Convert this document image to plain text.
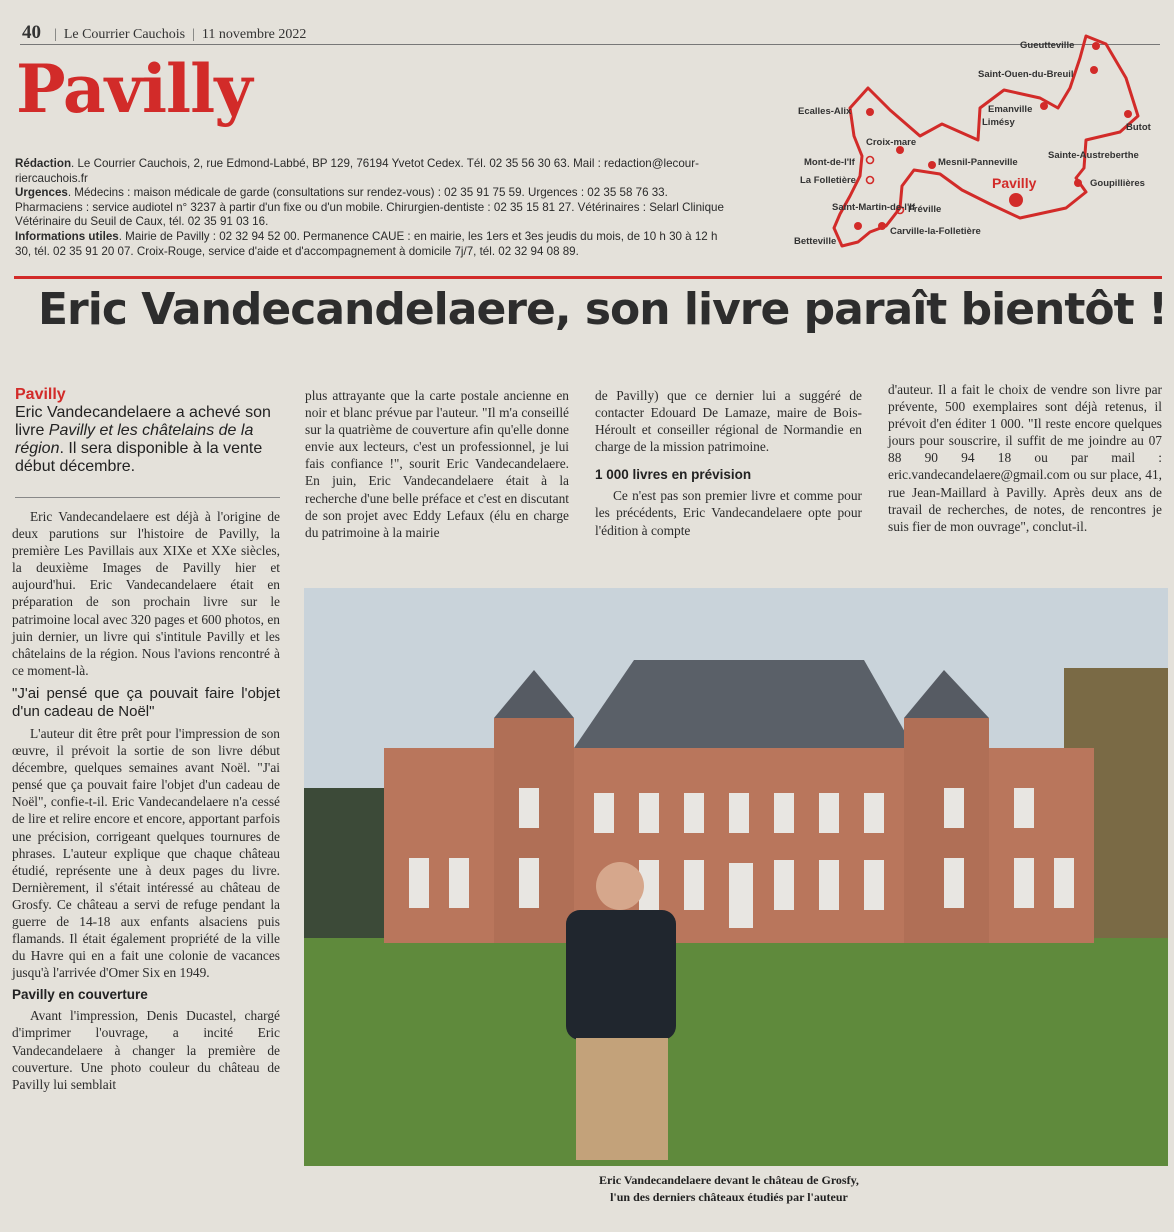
40 | Le Courrier Cauchois | 11 novembre 2022
Pavilly

Rédaction. Le Courrier Cauchois, 2, rue Edmond-Labbé, BP 129, 76194 Yvetot Cedex. Tél. 02 35 56 30 63. Mail : redaction@lecour-riercauchois.fr

Urgences. Médecins : maison médicale de garde (consultations sur rendez-vous) : 02 35 91 75 59. Urgences : 02 35 58 76 33. Pharmaciens : service audiotel n° 3237 à partir d'un fixe ou d'un mobile. Chirurgien-dentiste : 02 35 15 81 27. Vétérinaires : Selarl Clinique Vétérinaire du Seuil de Caux, tél. 02 35 91 03 16.

Informations utiles. Mairie de Pavilly : 02 32 94 52 00. Permanence CAUE : en mairie, les 1ers et 3es jeudis du mois, de 10 h 30 à 12 h 30, tél. 02 35 91 20 07. Croix-Rouge, service d'aide et d'accompagnement à domicile 7j/7, tél. 02 32 94 08 89.

Gueutteville
Saint-Ouen-du-Breuil
Ecalles-Alix	Emanville
Limésy	Butot
Croix-mare
Sainte-Austreberthe
Mont-de-l'If	Mesnil-Panneville
La Folletière	Pavilly	Goupillières
Saint-Martin-de-l'If
Fréville
Betteville
Carville-la-Folletière
Eric Vandecandelaere, son livre paraît bientôt !
Pavilly
Eric Vandecandelaere a achevé son livre Pavilly et les châtelains de la région. Il sera disponible à la vente début décembre.

Eric Vandecandelaere est déjà à l'origine de deux parutions sur l'histoire de Pavilly, la première Les Pavillais aux XIXe et XXe siècles, la deuxième Images de Pavilly hier et aujourd'hui. Eric Vandecandelaere était en préparation de son prochain livre sur le patrimoine local avec 320 pages et 600 photos, en juin dernier, un livre qui s'intitule Pavilly et les châtelains de la région. Nous l'avions rencontré à ce moment-là.

"J'ai pensé que ça pouvait faire l'objet d'un cadeau de Noël"

L'auteur dit être prêt pour l'impression de son œuvre, il prévoit la sortie de son livre début décembre, quelques semaines avant Noël. "J'ai pensé que ça pouvait faire l'objet d'un cadeau de Noël", confie-t-il. Eric Vandecandelaere n'a cessé de lire et relire encore et encore, apportant parfois une précision, corrigeant quelques tournures de phrases. L'auteur explique que chaque château étudié, représente une à deux pages du livre. Dernièrement, il s'était intéressé au château de Grosfy. Ce château a servi de refuge pendant la guerre de 14-18 aux enfants alsaciens puis flamands. Il était également propriété de la ville du Havre qui en a fait une colonie de vacances jusqu'à l'arrivée d'Omer Six en 1949.

Pavilly en couverture

Avant l'impression, Denis Ducastel, chargé d'imprimer l'ouvrage, a incité Eric Vandecandelaere à changer la première de couverture. Une photo couleur du château de Pavilly lui semblait

plus attrayante que la carte postale ancienne en noir et blanc prévue par l'auteur. "Il m'a conseillé sur la quatrième de couverture afin qu'elle donne envie aux lecteurs, c'est un professionnel, je lui fais confiance !", sourit Eric Vandecandelaere. En juin, Eric Vandecandelaere était à la recherche d'une belle préface et c'est en discutant de son projet avec Eddy Lefaux (élu en charge du patrimoine à la mairie

de Pavilly) que ce dernier lui a suggéré de contacter Edouard De Lamaze, maire de Bois-Héroult et conseiller régional de Normandie en charge de la mission patrimoine.

1 000 livres en prévision

Ce n'est pas son premier livre et comme pour les précédents, Eric Vandecandelaere opte pour l'édition à compte

d'auteur. Il a fait le choix de vendre son livre par prévente, 500 exemplaires sont déjà retenus, il prévoit d'en éditer 1 000. "Il reste encore quelques jours pour souscrire, il suffit de me joindre au 07 88 90 94 18 ou par mail : eric.vandecandelaere@gmail.com ou sur place, 41, rue Jean-Maillard à Pavilly. Après deux ans de travail de recherches, de notes, de rencontres je suis fier de mon ouvrage", conclut-il.

Eric Vandecandelaere devant le château de Grosfy,
l'un des derniers châteaux étudiés par l'auteur
